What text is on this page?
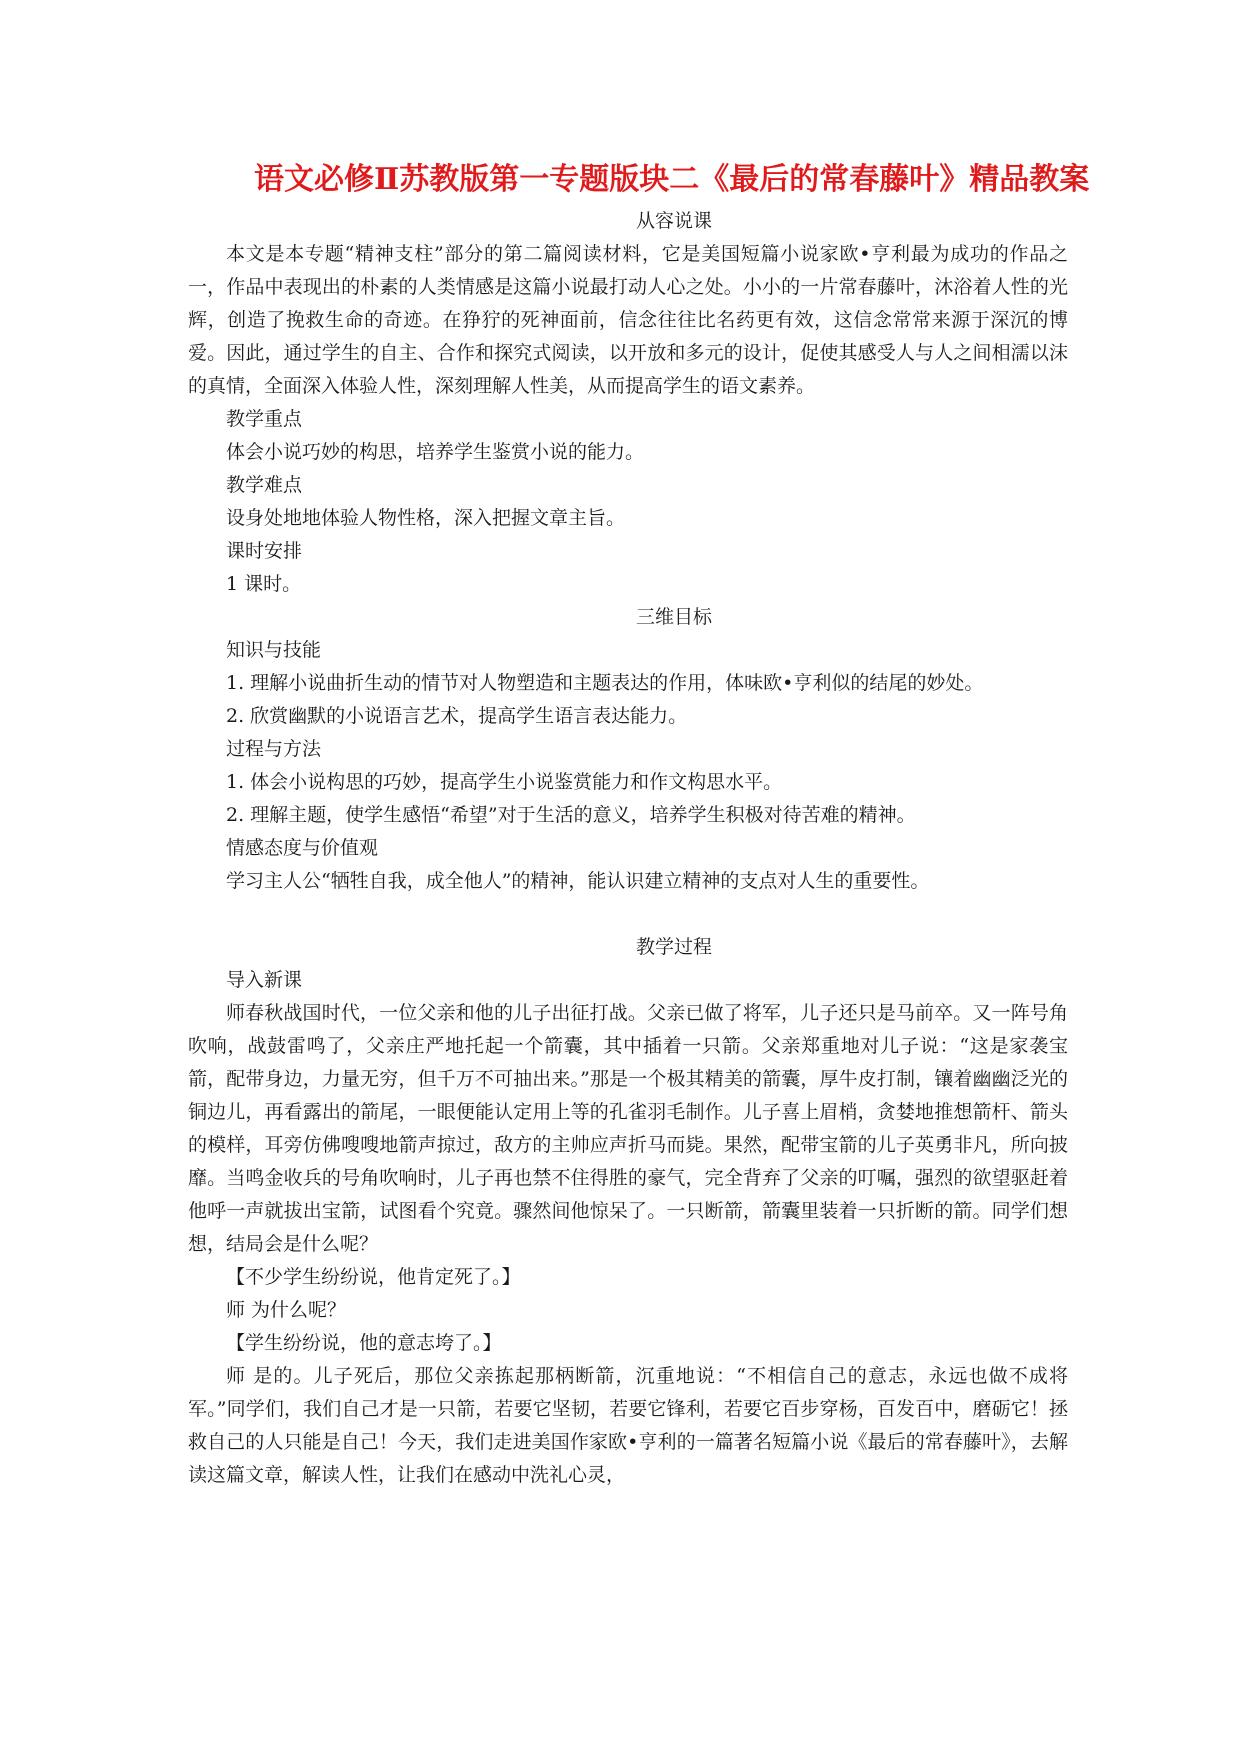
语文必修Ⅱ苏教版第一专题版块二《最后的常春藤叶》精品教案
从容说课

本文是本专题“精神支柱”部分的第二篇阅读材料，它是美国短篇小说家欧•亨利最为成功的作品之一，作品中表现出的朴素的人类情感是这篇小说最打动人心之处。小小的一片常春藤叶，沐浴着人性的光辉，创造了挽救生命的奇迹。在狰狞的死神面前，信念往往比名药更有效，这信念常常来源于深沉的博爱。因此，通过学生的自主、合作和探究式阅读，以开放和多元的设计，促使其感受人与人之间相濡以沫的真情，全面深入体验人性，深刻理解人性美，从而提高学生的语文素养。

教学重点

体会小说巧妙的构思，培养学生鉴赏小说的能力。

教学难点

设身处地地体验人物性格，深入把握文章主旨。

课时安排

1 课时。

三维目标

知识与技能

1. 理解小说曲折生动的情节对人物塑造和主题表达的作用，体味欧•亨利似的结尾的妙处。

2. 欣赏幽默的小说语言艺术，提高学生语言表达能力。

过程与方法

1. 体会小说构思的巧妙，提高学生小说鉴赏能力和作文构思水平。

2. 理解主题，使学生感悟“希望”对于生活的意义，培养学生积极对待苦难的精神。

情感态度与价值观

学习主人公“牺牲自我，成全他人”的精神，能认识建立精神的支点对人生的重要性。

教学过程

导入新课

师春秋战国时代，一位父亲和他的儿子出征打战。父亲已做了将军，儿子还只是马前卒。又一阵号角吹响，战鼓雷鸣了，父亲庄严地托起一个箭囊，其中插着一只箭。父亲郑重地对儿子说：“这是家袭宝箭，配带身边，力量无穷，但千万不可抽出来。”那是一个极其精美的箭囊，厚牛皮打制，镶着幽幽泛光的铜边儿，再看露出的箭尾，一眼便能认定用上等的孔雀羽毛制作。儿子喜上眉梢，贪婪地推想箭杆、箭头的模样，耳旁仿佛嗖嗖地箭声掠过，敌方的主帅应声折马而毙。果然，配带宝箭的儿子英勇非凡，所向披靡。当鸣金收兵的号角吹响时，儿子再也禁不住得胜的豪气，完全背弃了父亲的叮嘱，强烈的欲望驱赶着他呼一声就拔出宝箭，试图看个究竟。骤然间他惊呆了。一只断箭，箭囊里装着一只折断的箭。同学们想想，结局会是什么呢？

【不少学生纷纷说，他肯定死了。】

师 为什么呢？

【学生纷纷说，他的意志垮了。】

师 是的。儿子死后，那位父亲拣起那柄断箭，沉重地说：“不相信自己的意志，永远也做不成将军。”同学们，我们自己才是一只箭，若要它坚韧，若要它锋利，若要它百步穿杨，百发百中，磨砺它！拯救自己的人只能是自己！今天，我们走进美国作家欧•亨利的一篇著名短篇小说《最后的常春藤叶》，去解读这篇文章，解读人性，让我们在感动中洗礼心灵，
